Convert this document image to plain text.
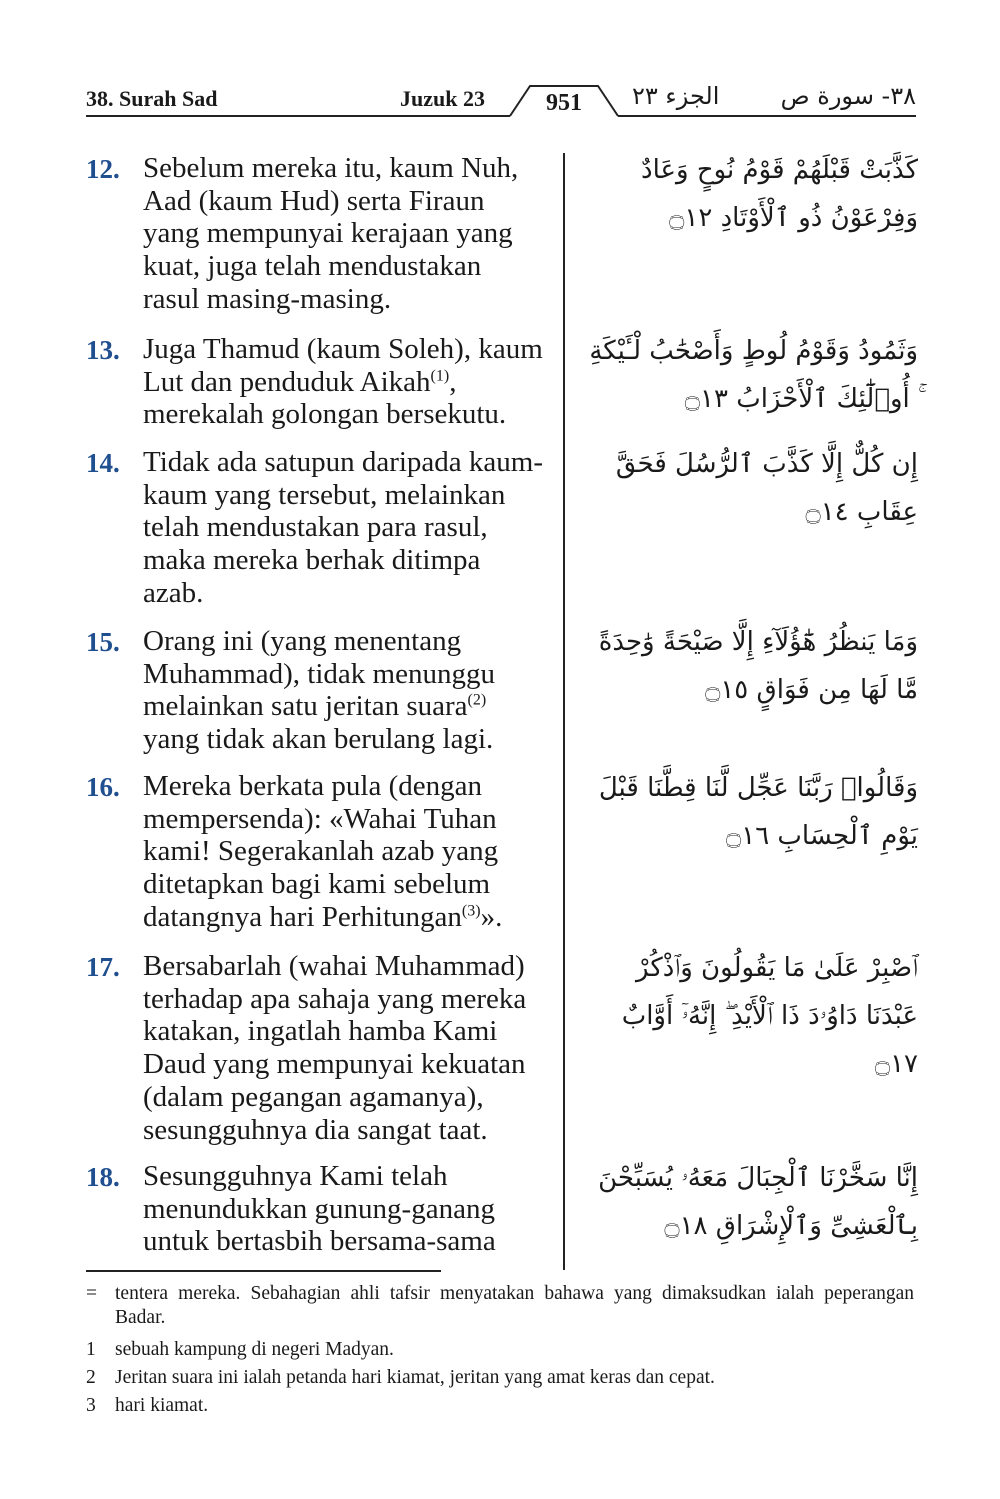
38. Surah Sad	Juzuk 23	951 الجزء ٢٣	٣٨- سورة ص
12. Sebelum mereka itu, kaum Nuh, Aad (kaum Hud) serta Firaun yang mempunyai kerajaan yang kuat, juga telah mendustakan rasul masing-masing.
كَذَّبَتْ قَبْلَهُمْ قَوْمُ نُوحٍ وَعَادٌ وَفِرْعَوْنُ ذُو ٱلْأَوْتَادِ ۝١٢
13. Juga Thamud (kaum Soleh), kaum Lut dan penduduk Aikah$^{(1)}$, merekalah golongan bersekutu.
وَثَمُودُ وَقَوْمُ لُوطٍ وَأَصْحَٰبُ لْـَٔيْكَةِ ۚ أُو۟لَٰٓئِكَ ٱلْأَحْزَابُ ۝١٣
14. Tidak ada satupun daripada kaum-kaum yang tersebut, melainkan telah mendustakan para rasul, maka mereka berhak ditimpa azab.
إِن كُلٌّ إِلَّا كَذَّبَ ٱلرُّسُلَ فَحَقَّ عِقَابِ ۝١٤
15. Orang ini (yang menentang Muhammad), tidak menunggu melainkan satu jeritan suara$^{(2)}$ yang tidak akan berulang lagi.
وَمَا يَنظُرُ هَٰٓؤُلَآءِ إِلَّا صَيْحَةً وَٰحِدَةً مَّا لَهَا مِن فَوَاقٍ ۝١٥
16. Mereka berkata pula (dengan mempersenda): «Wahai Tuhan kami! Segerakanlah azab yang ditetapkan bagi kami sebelum datangnya hari Perhitungan$^{(3)}$».
وَقَالُوا۟ رَبَّنَا عَجِّل لَّنَا قِطَّنَا قَبْلَ يَوْمِ ٱلْحِسَابِ ۝١٦
17. Bersabarlah (wahai Muhammad) terhadap apa sahaja yang mereka katakan, ingatlah hamba Kami Daud yang mempunyai kekuatan (dalam pegangan agamanya), sesungguhnya dia sangat taat.
ٱصْبِرْ عَلَىٰ مَا يَقُولُونَ وَٱذْكُرْ عَبْدَنَا دَاوُۥدَ ذَا ٱلْأَيْدِ ۖ إِنَّهُۥٓ أَوَّابٌ ۝١٧
18. Sesungguhnya Kami telah menundukkan gunung-ganang untuk bertasbih bersama-sama
إِنَّا سَخَّرْنَا ٱلْجِبَالَ مَعَهُۥ يُسَبِّحْنَ بِٱلْعَشِىِّ وَٱلْإِشْرَاقِ ۝١٨
= tentera mereka. Sebahagian ahli tafsir menyatakan bahawa yang dimaksudkan ialah peperangan Badar.
1 sebuah kampung di negeri Madyan.
2 Jeritan suara ini ialah petanda hari kiamat, jeritan yang amat keras dan cepat.
3 hari kiamat.
